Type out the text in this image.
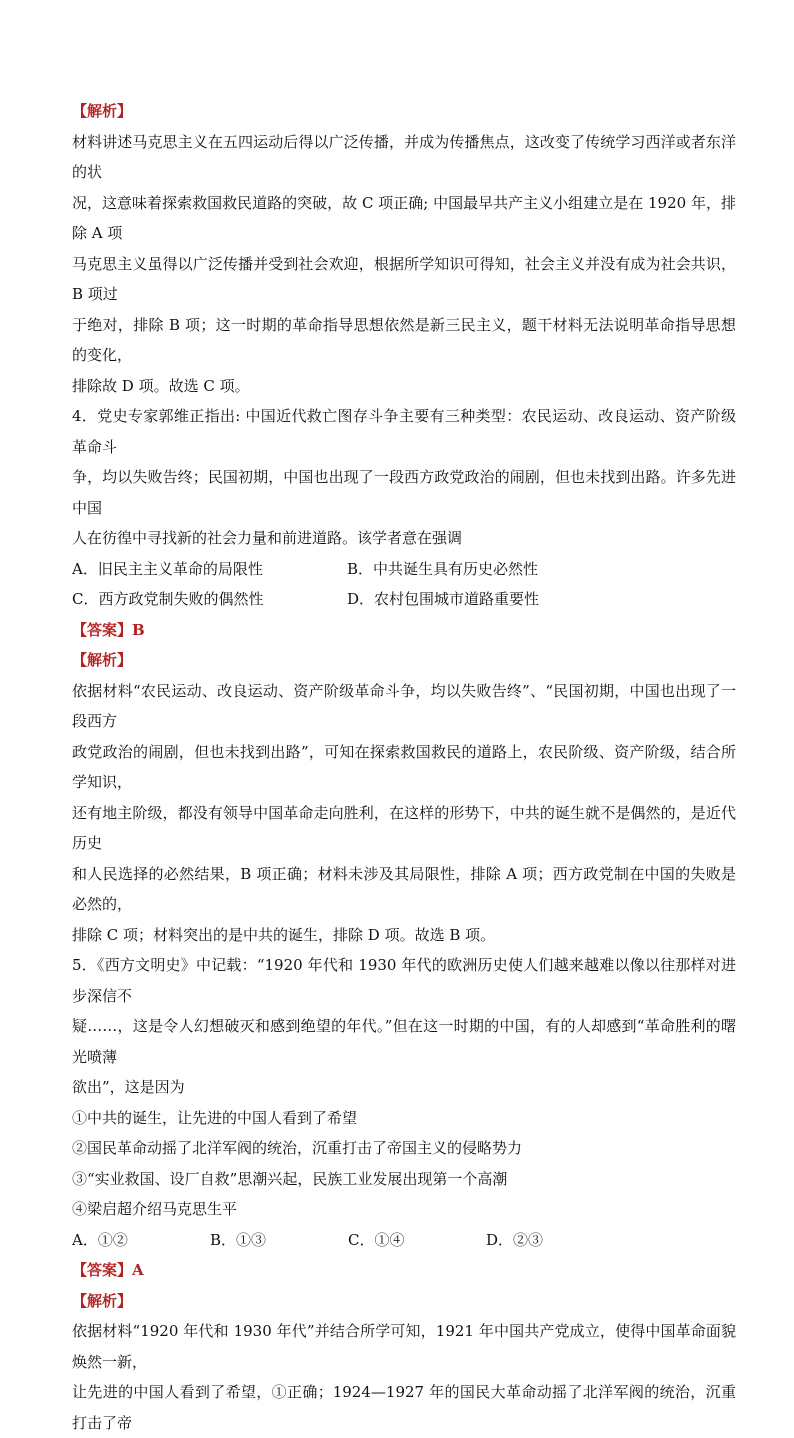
【解析】

材料讲述马克思主义在五四运动后得以广泛传播，并成为传播焦点，这改变了传统学习西洋或者东洋的状

况，这意味着探索救国救民道路的突破，故 C 项正确; 中国最早共产主义小组建立是在 1920 年，排除 A 项

马克思主义虽得以广泛传播并受到社会欢迎，根据所学知识可得知，社会主义并没有成为社会共识，B 项过

于绝对，排除 B 项；这一时期的革命指导思想依然是新三民主义，题干材料无法说明革命指导思想的变化，

排除故 D 项。故选 C 项。

4．党史专家郭维正指出: 中国近代救亡图存斗争主要有三种类型：农民运动、改良运动、资产阶级革命斗

争，均以失败告终；民国初期，中国也出现了一段西方政党政治的闹剧，但也未找到出路。许多先进中国

人在彷徨中寻找新的社会力量和前进道路。该学者意在强调

A．旧民主主义革命的局限性	B．中共诞生具有历史必然性

C．西方政党制失败的偶然性	D．农村包围城市道路重要性

【答案】B

【解析】

依据材料“农民运动、改良运动、资产阶级革命斗争，均以失败告终”、“民国初期，中国也出现了一段西方

政党政治的闹剧，但也未找到出路”，可知在探索救国救民的道路上，农民阶级、资产阶级，结合所学知识，

还有地主阶级，都没有领导中国革命走向胜利，在这样的形势下，中共的诞生就不是偶然的，是近代历史

和人民选择的必然结果，B 项正确；材料未涉及其局限性，排除 A 项；西方政党制在中国的失败是必然的，

排除 C 项；材料突出的是中共的诞生，排除 D 项。故选 B 项。

5．《西方文明史》中记载：“1920 年代和 1930 年代的欧洲历史使人们越来越难以像以往那样对进步深信不

疑……，这是令人幻想破灭和感到绝望的年代。”但在这一时期的中国，有的人却感到“革命胜利的曙光喷薄

欲出”，这是因为

①中共的诞生，让先进的中国人看到了希望

②国民革命动摇了北洋军阀的统治，沉重打击了帝国主义的侵略势力

③“实业救国、设厂自救”思潮兴起，民族工业发展出现第一个高潮

④梁启超介绍马克思生平

A．①②	B．①③	C．①④	D．②③

【答案】A

【解析】

依据材料“1920 年代和 1930 年代”并结合所学可知，1921 年中国共产党成立，使得中国革命面貌焕然一新，

让先进的中国人看到了希望，①正确；1924—1927 年的国民大革命动摇了北洋军阀的统治，沉重打击了帝
